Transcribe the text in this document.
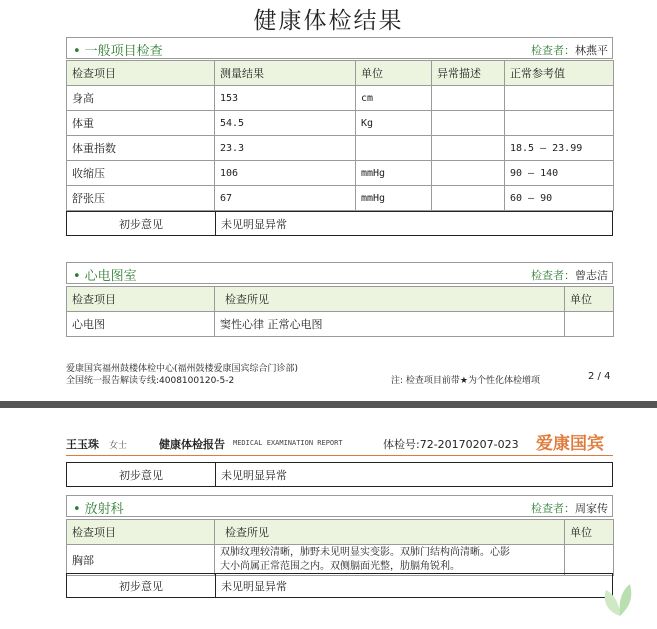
健康体检结果
• 一般项目检查	检查者：林燕平
检查项目	测量结果	单位	异常描述	正常参考值
身高	153	cm		
体重	54.5	Kg		
体重指数	23.3			18.5 — 23.99
收缩压	106	mmHg		90 — 140
舒张压	67	mmHg		60 — 90
初步意见	未见明显异常
• 心电图室	检查者：曾志洁
检查项目	检查所见	单位
心电图	窦性心律 正常心电图	
爱康国宾福州鼓楼体检中心(福州鼓楼爱康国宾综合门诊部)
全国统一报告解读专线:4008100120-5-2	注: 检查项目前带★为个性化体检增项	2 / 4
王玉珠 女士	健康体检报告 MEDICAL EXAMINATION REPORT	体检号:72-20170207-023 爱康国宾
初步意见	未见明显异常
• 放射科	检查者：周家传
检查项目	检查所见	单位
胸部	双肺纹理较清晰，肺野未见明显实变影。双肺门结构尚清晰。心影
大小尚属正常范围之内。双侧膈面光整，肋膈角锐利。	

初步意见	未见明显异常
